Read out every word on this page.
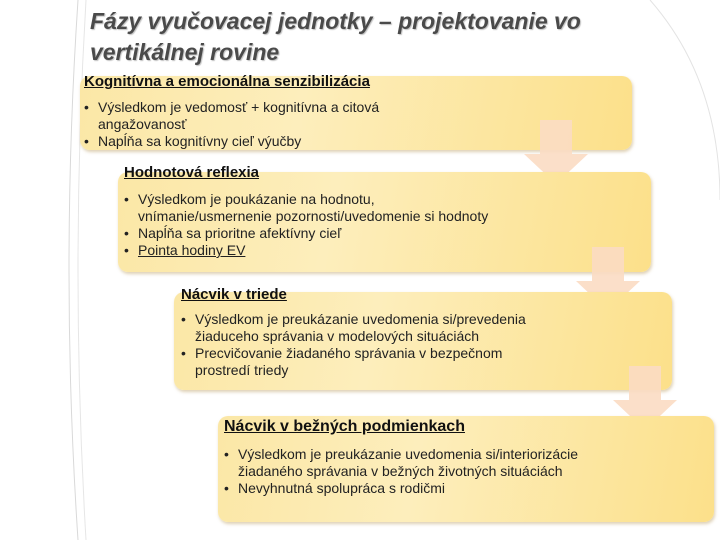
Fázy vyučovacej jednotky – projektovanie vo vertikálnej rovine
Kognitívna a emocionálna senzibilizácia
• Výsledkom je vedomosť + kognitívna a citová angažovanosť
• Napĺňa sa kognitívny cieľ výučby
Hodnotová reflexia
• Výsledkom je poukázanie na hodnotu, vnímanie/usmernenie pozornosti/uvedomenie si hodnoty
• Napĺňa sa prioritne afektívny cieľ
• Pointa hodiny EV
Nácvik v triede
• Výsledkom je preukázanie uvedomenia si/prevedenia žiaduceho správania v modelových situáciách
• Precvičovanie žiadaného správania v bezpečnom prostredí triedy
Nácvik v bežných podmienkach
• Výsledkom je preukázanie uvedomenia si/interiorizácie žiadaného správania v bežných životných situáciách
• Nevyhnutná spolupráca s rodičmi
